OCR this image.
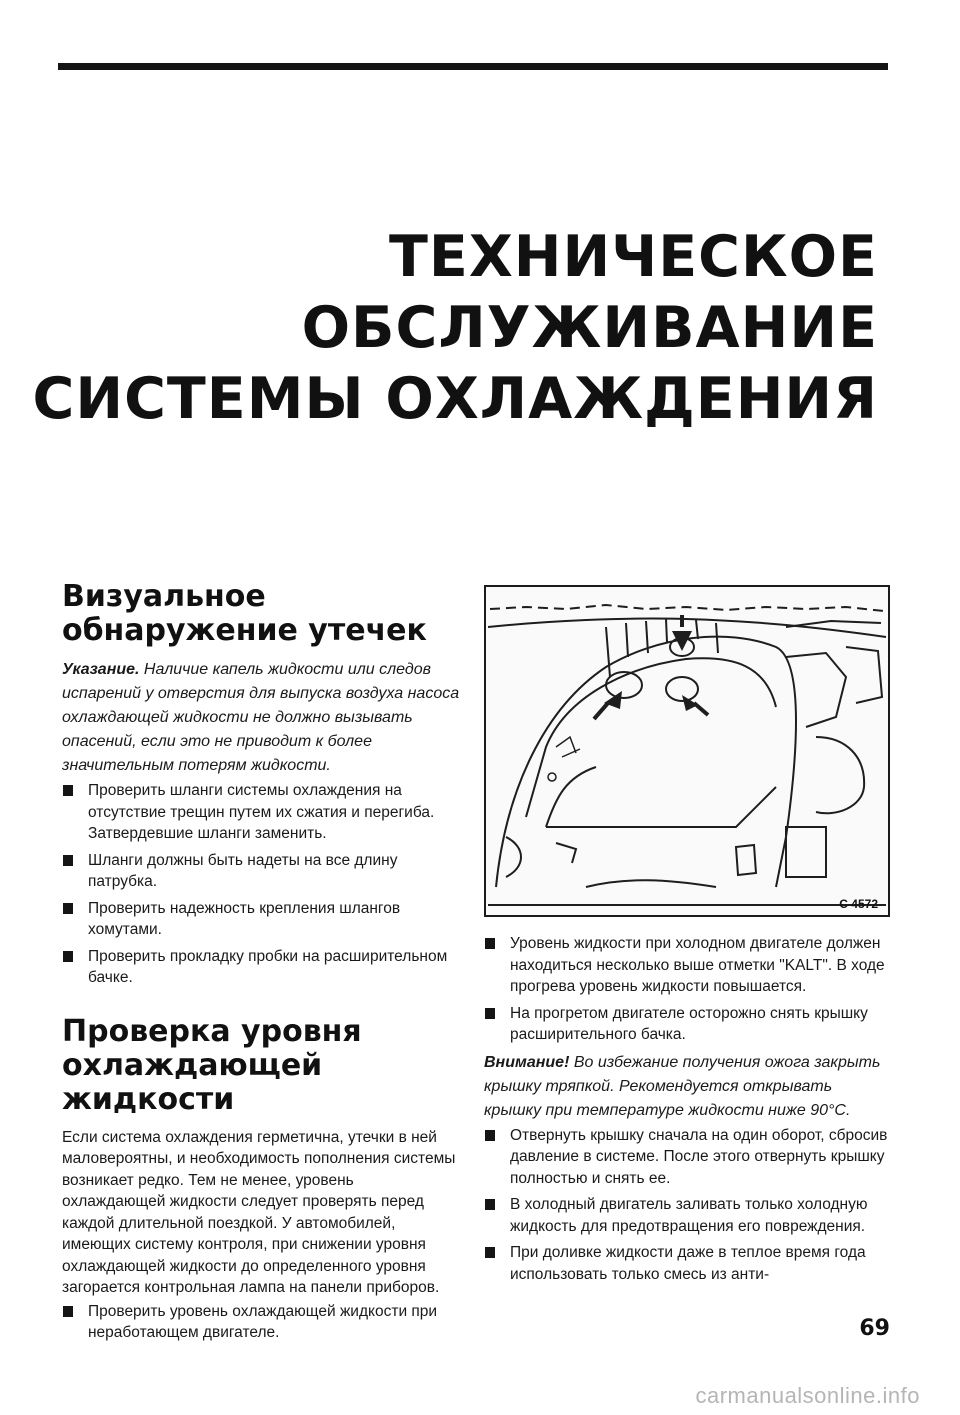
ТЕХНИЧЕСКОЕ
ОБСЛУЖИВАНИЕ
СИСТЕМЫ ОХЛАЖДЕНИЯ
Визуальное
обнаружение утечек

Указание. Наличие капель жидкости или следов испарений у отверстия для выпуска воздуха насоса охлаждающей жидкости не должно вызывать опасений, если это не приводит к более значительным потерям жидкости.

Проверить шланги системы охлаждения на отсутствие трещин путем их сжатия и перегиба. Затвердевшие шланги заменить.
Шланги должны быть надеты на все длину патрубка.
Проверить надежность крепления шлангов хомутами.
Проверить прокладку пробки на расширительном бачке.
Проверка уровня
охлаждающей
жидкости

Если система охлаждения герметична, утечки в ней маловероятны, и необходимость пополнения системы возникает редко. Тем не менее, уровень охлаждающей жидкости следует проверять перед каждой длительной поездкой. У автомобилей, имеющих систему контроля, при снижении уровня охлаждающей жидкости до определенного уровня загорается контрольная лампа на панели приборов.

Проверить уровень охлаждающей жидкости при неработающем двигателе.
C 4572
Уровень жидкости при холодном двигателе должен находиться несколько выше отметки "KALT". В ходе прогрева уровень жидкости повышается.
На прогретом двигателе осторожно снять крышку расширительного бачка.

Внимание! Во избежание получения ожога закрыть крышку тряпкой. Рекомендуется открывать крышку при температуре жидкости ниже 90°C.

Отвернуть крышку сначала на один оборот, сбросив давление в системе. После этого отвернуть крышку полностью и снять ее.
В холодный двигатель заливать только холодную жидкость для предотвращения его повреждения.
При доливке жидкости даже в теплое время года использовать только смесь из анти-
69
carmanualsonline.info
